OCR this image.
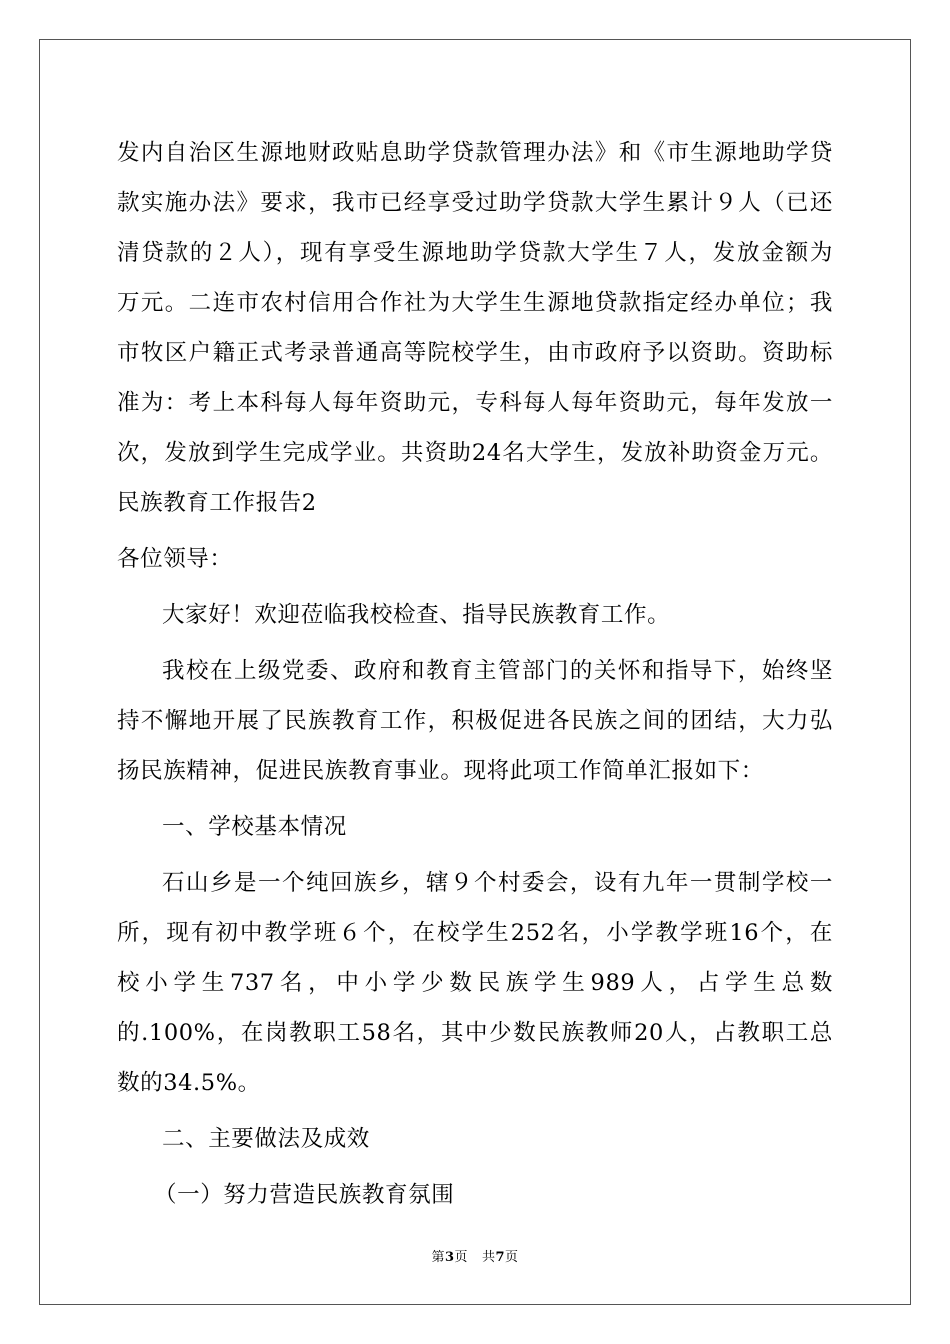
发内自治区生源地财政贴息助学贷款管理办法》和《市生源地助学贷
款实施办法》要求，我市已经享受过助学贷款大学生累计９人（已还
清贷款的２人），现有享受生源地助学贷款大学生７人，发放金额为
万元。二连市农村信用合作社为大学生生源地贷款指定经办单位；我
市牧区户籍正式考录普通高等院校学生，由市政府予以资助。资助标
准为：考上本科每人每年资助元，专科每人每年资助元，每年发放一
次，发放到学生完成学业。共资助24名大学生，发放补助资金万元。
民族教育工作报告2
各位领导：
大家好！欢迎莅临我校检查、指导民族教育工作。
我校在上级党委、政府和教育主管部门的关怀和指导下，始终坚
持不懈地开展了民族教育工作，积极促进各民族之间的团结，大力弘
扬民族精神，促进民族教育事业。现将此项工作简单汇报如下：
一、学校基本情况
石山乡是一个纯回族乡，辖９个村委会，设有九年一贯制学校一
所，现有初中教学班６个，在校学生252名，小学教学班16个，在
校小学生737名，中小学少数民族学生989人，占学生总数
的.100%，在岗教职工58名，其中少数民族教师20人，占教职工总
数的34.5%。
二、主要做法及成效
（一）努力营造民族教育氛围
第3页 共7页
